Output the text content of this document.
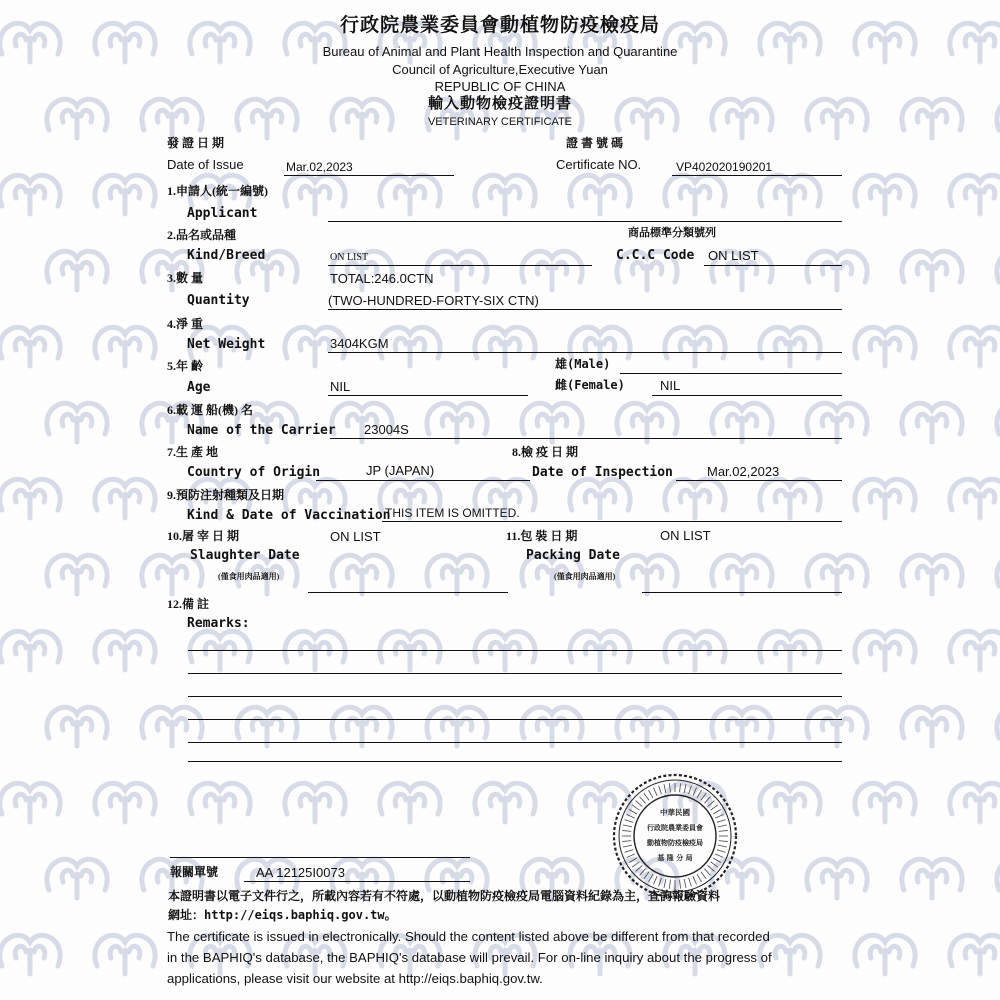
行政院農業委員會動植物防疫檢疫局
Bureau of Animal and Plant Health Inspection and Quarantine
Council of Agriculture,Executive Yuan
REPUBLIC OF CHINA
輸入動物檢疫證明書
VETERINARY CERTIFICATE
發 證 日 期
Date of Issue	Mar.02,2023
證 書 號 碼
Certificate NO.	VP402020190201
1.申請人(統一編號)
Applicant
2.品名或品種
Kind/Breed	ON LIST
商品標準分類號列
C.C.C Code ON LIST
3.數 量	TOTAL:246.0CTN
Quantity	(TWO-HUNDRED-FORTY-SIX CTN)
4.淨 重
Net Weight	3404KGM
5.年 齡
Age	NIL
雄(Male)
雌(Female)	NIL
6.載 運 船(機) 名
Name of the Carrier 23004S
7.生 產 地
Country of Origin	JP (JAPAN)
8.檢 疫 日 期
Date of Inspection	Mar.02,2023
9.預防注射種類及日期
Kind & Date of Vaccination
THIS ITEM IS OMITTED.
10.屠 宰 日 期	ON LIST
Slaughter Date
(僅食用肉品適用)
11.包 裝 日 期	ON LIST
Packing Date
(僅食用肉品適用)
12.備 註
Remarks:
中華民國
行政院農業委員會
動植物防疫檢疫局
基 隆 分 局
報關單號	AA 12125I0073
本證明書以電子文件行之，所載內容若有不符處，以動植物防疫檢疫局電腦資料紀錄為主，查詢報驗資料
網址：http://eiqs.baphiq.gov.tw。
The certificate is issued in electronically. Should the content listed above be different from that recorded
in the BAPHIQ's database, the BAPHIQ's database will prevail. For on-line inquiry about the progress of
applications, please visit our website at http://eiqs.baphiq.gov.tw.
